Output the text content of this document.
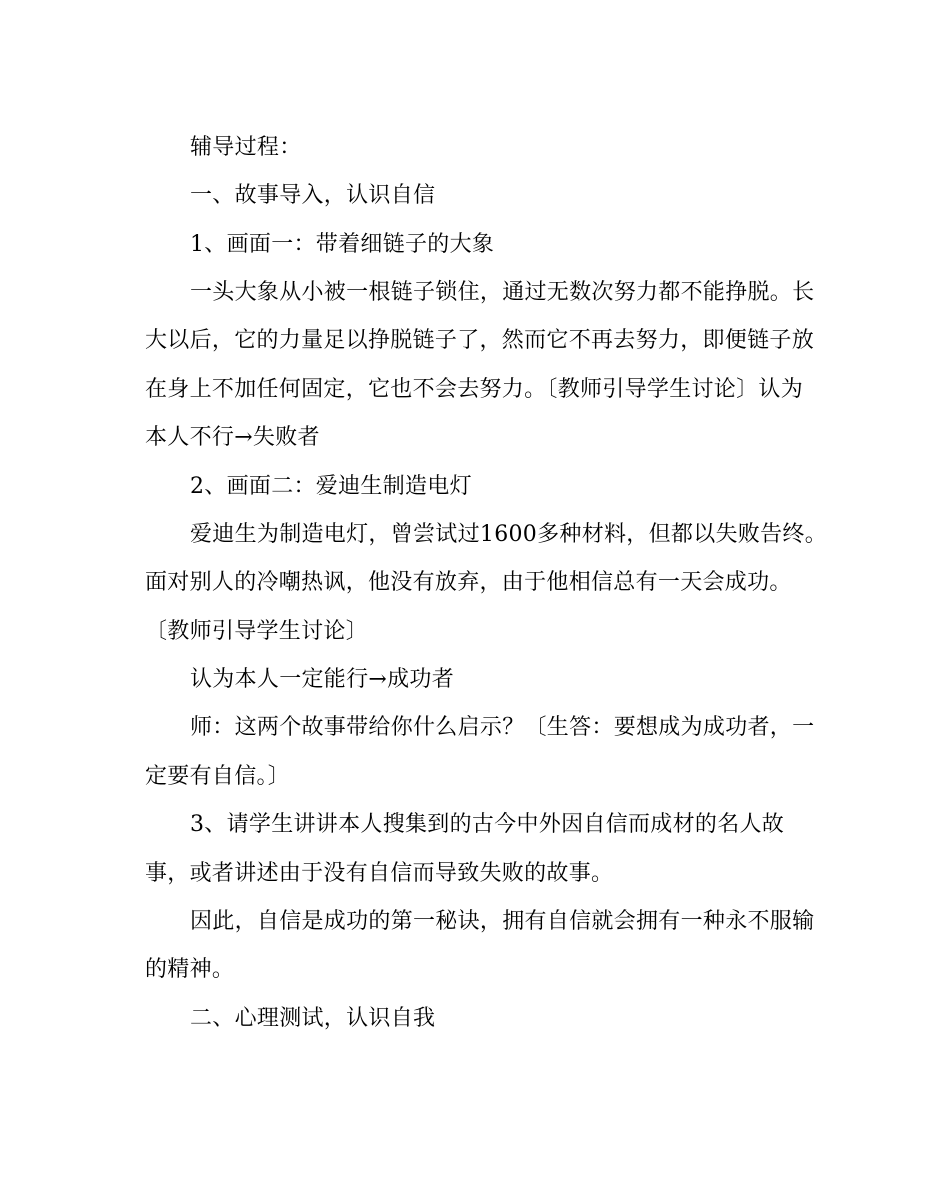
辅导过程：
一、故事导入，认识自信
1、画面一：带着细链子的大象
一头大象从小被一根链子锁住，通过无数次努力都不能挣脱。长
大以后，它的力量足以挣脱链子了，然而它不再去努力，即便链子放
在身上不加任何固定，它也不会去努力。〔教师引导学生讨论〕认为
本人不行→失败者
2、画面二：爱迪生制造电灯
爱迪生为制造电灯，曾尝试过1600多种材料，但都以失败告终。
面对别人的冷嘲热讽，他没有放弃，由于他相信总有一天会成功。
〔教师引导学生讨论〕
认为本人一定能行→成功者
师：这两个故事带给你什么启示？〔生答：要想成为成功者，一
定要有自信。〕
3、请学生讲讲本人搜集到的古今中外因自信而成材的名人故
事，或者讲述由于没有自信而导致失败的故事。
因此，自信是成功的第一秘诀，拥有自信就会拥有一种永不服输
的精神。
二、心理测试，认识自我
